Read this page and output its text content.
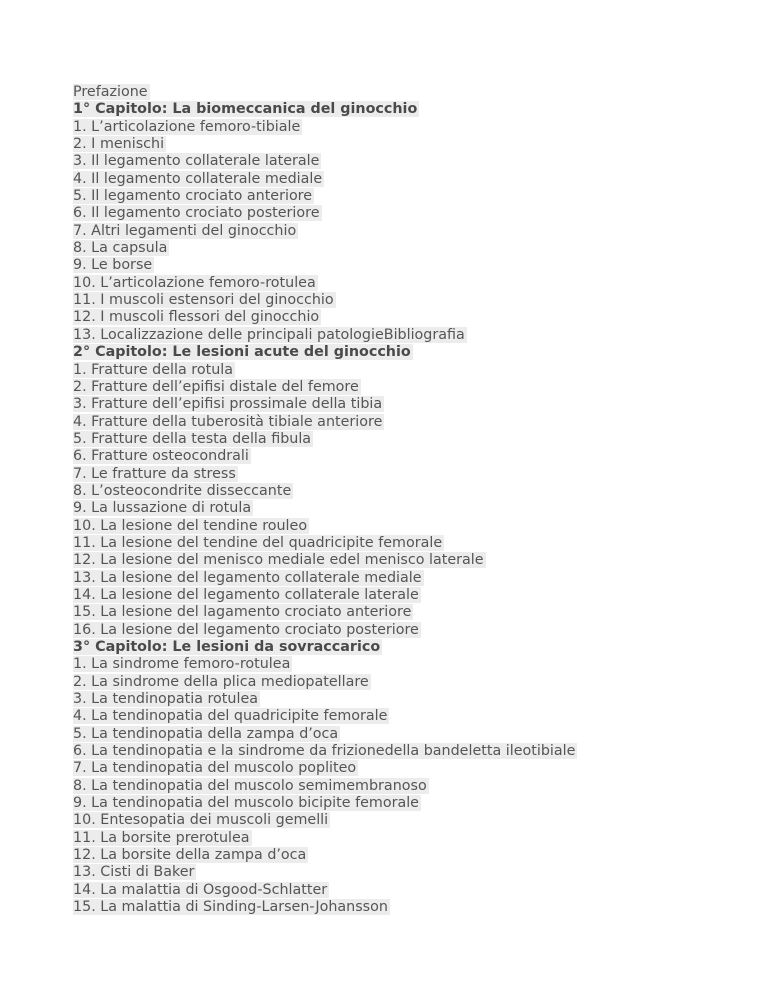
Prefazione
1° Capitolo: La biomeccanica del ginocchio
1. L’articolazione femoro-tibiale
2. I menischi
3. Il legamento collaterale laterale
4. Il legamento collaterale mediale
5. Il legamento crociato anteriore
6. Il legamento crociato posteriore
7. Altri legamenti del ginocchio
8. La capsula
9. Le borse
10. L’articolazione femoro-rotulea
11. I muscoli estensori del ginocchio
12. I muscoli flessori del ginocchio
13. Localizzazione delle principali patologieBibliografia
2° Capitolo: Le lesioni acute del ginocchio
1. Fratture della rotula
2. Fratture dell’epifisi distale del femore
3. Fratture dell’epifisi prossimale della tibia
4. Fratture della tuberosità tibiale anteriore
5. Fratture della testa della fibula
6. Fratture osteocondrali
7. Le fratture da stress
8. L’osteocondrite disseccante
9. La lussazione di rotula
10. La lesione del tendine rouleo
11. La lesione del tendine del quadricipite femorale
12. La lesione del menisco mediale edel menisco laterale
13. La lesione del legamento collaterale mediale
14. La lesione del legamento collaterale laterale
15. La lesione del lagamento crociato anteriore
16. La lesione del legamento crociato posteriore
3° Capitolo: Le lesioni da sovraccarico
1. La sindrome femoro-rotulea
2. La sindrome della plica mediopatellare
3. La tendinopatia rotulea
4. La tendinopatia del quadricipite femorale
5. La tendinopatia della zampa d’oca
6. La tendinopatia e la sindrome da frizionedella bandeletta ileotibiale
7. La tendinopatia del muscolo popliteo
8. La tendinopatia del muscolo semimembranoso
9. La tendinopatia del muscolo bicipite femorale
10. Entesopatia dei muscoli gemelli
11. La borsite prerotulea
12. La borsite della zampa d’oca
13. Cisti di Baker
14. La malattia di Osgood-Schlatter
15. La malattia di Sinding-Larsen-Johansson
